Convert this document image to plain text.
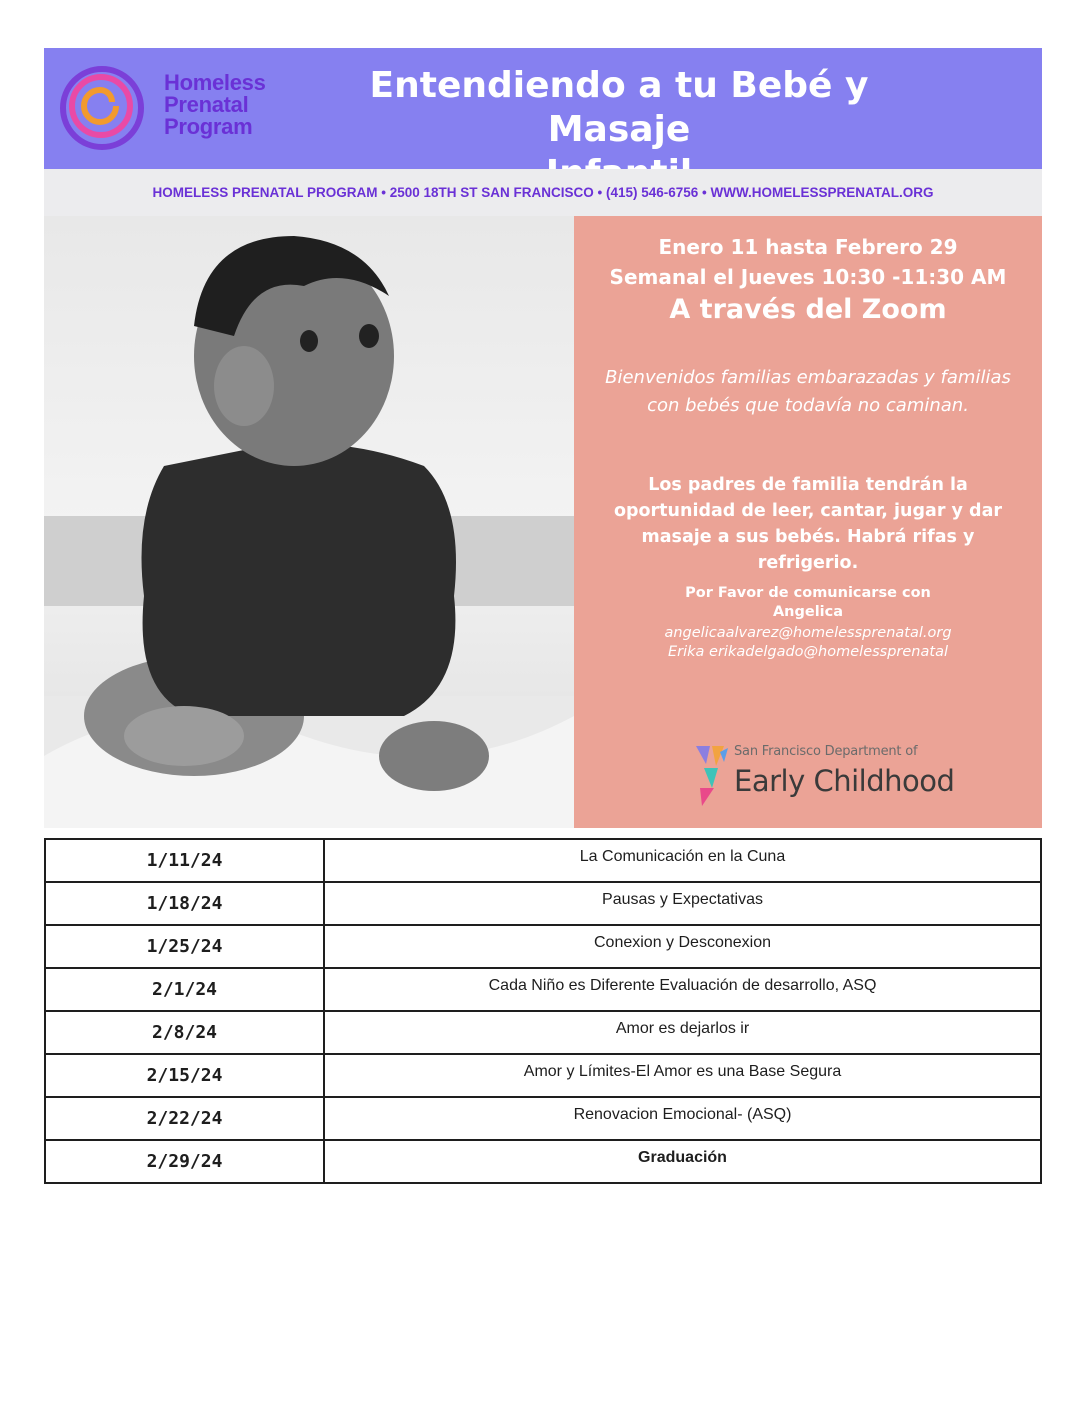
Homeless
Prenatal
Program
Entendiendo a tu Bebé y Masaje
HOMELESS PRENATAL PROGRAM • 2500 18TH ST SAN FRANCISCO • (415) 546-6756 • WWW.HOMELESSPRENATAL.ORG
Enero 11 hasta Febrero 29
Semanal el Jueves 10:30 -11:30 AM
A través del Zoom
Bienvenidos familias embarazadas y familias con bebés que todavía no caminan.
Los padres de familia tendrán la oportunidad de leer, cantar, jugar y dar masaje a sus bebés. Habrá rifas y refrigerio.
Por Favor de comunicarse con Angelica
angelicaalvarez@homelessprenatal.org
Erika erikadelgado@homelessprenatal
San Francisco Department of
Early Childhood
1/11/24	La Comunicación en la Cuna
1/18/24	Pausas y Expectativas
1/25/24	Conexion y Desconexion
2/1/24	Cada Niño es Diferente Evaluación de desarrollo, ASQ
2/8/24	Amor es dejarlos ir
2/15/24	Amor y Límites-El Amor es una Base Segura
2/22/24	Renovacion Emocional- (ASQ)
2/29/24	Graduación
